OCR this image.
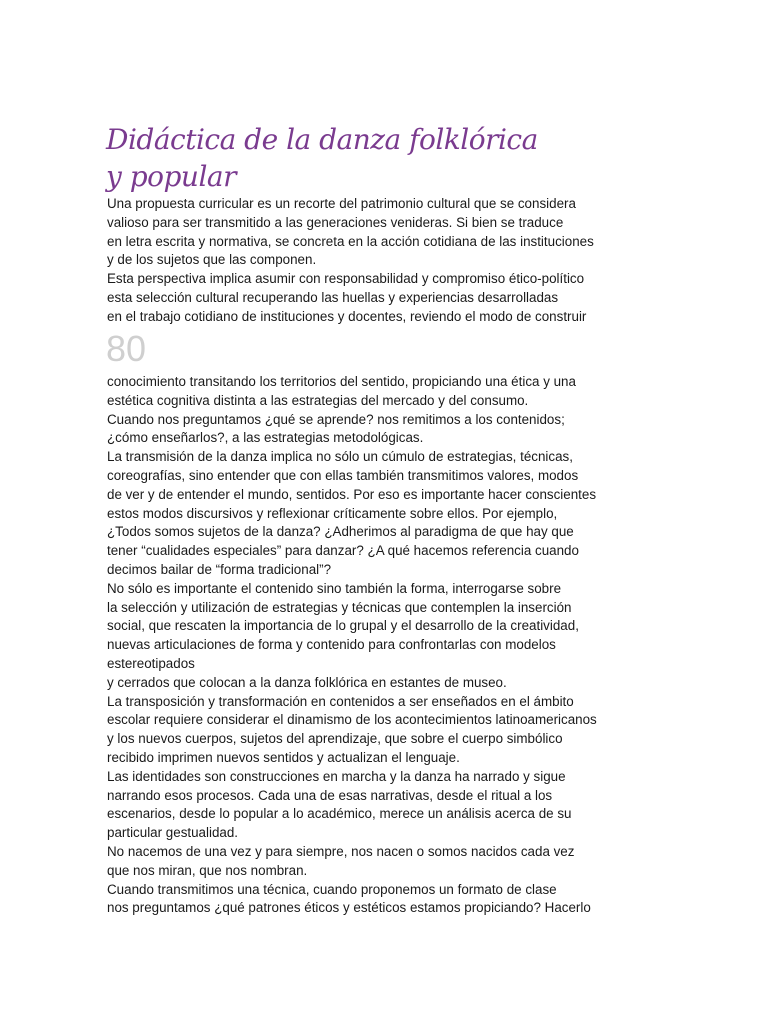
Didáctica de la danza folklórica
y popular
Una propuesta curricular es un recorte del patrimonio cultural que se considera
valioso para ser transmitido a las generaciones venideras. Si bien se traduce
en letra escrita y normativa, se concreta en la acción cotidiana de las instituciones
y de los sujetos que las componen.
Esta perspectiva implica asumir con responsabilidad y compromiso ético-político
esta selección cultural recuperando las huellas y experiencias desarrolladas
en el trabajo cotidiano de instituciones y docentes, reviendo el modo de construir
80
conocimiento transitando los territorios del sentido, propiciando una ética y una
estética cognitiva distinta a las estrategias del mercado y del consumo.
Cuando nos preguntamos ¿qué se aprende? nos remitimos a los contenidos;
¿cómo enseñarlos?, a las estrategias metodológicas.
La transmisión de la danza implica no sólo un cúmulo de estrategias, técnicas,
coreografías, sino entender que con ellas también transmitimos valores, modos
de ver y de entender el mundo, sentidos. Por eso es importante hacer conscientes
estos modos discursivos y reflexionar críticamente sobre ellos. Por ejemplo,
¿Todos somos sujetos de la danza? ¿Adherimos al paradigma de que hay que
tener “cualidades especiales” para danzar? ¿A qué hacemos referencia cuando
decimos bailar de “forma tradicional”?
No sólo es importante el contenido sino también la forma, interrogarse sobre
la selección y utilización de estrategias y técnicas que contemplen la inserción
social, que rescaten la importancia de lo grupal y el desarrollo de la creatividad,
nuevas articulaciones de forma y contenido para confrontarlas con modelos
estereotipados
y cerrados que colocan a la danza folklórica en estantes de museo.
La transposición y transformación en contenidos a ser enseñados en el ámbito
escolar requiere considerar el dinamismo de los acontecimientos latinoamericanos
y los nuevos cuerpos, sujetos del aprendizaje, que sobre el cuerpo simbólico
recibido imprimen nuevos sentidos y actualizan el lenguaje.
Las identidades son construcciones en marcha y la danza ha narrado y sigue
narrando esos procesos. Cada una de esas narrativas, desde el ritual a los
escenarios, desde lo popular a lo académico, merece un análisis acerca de su
particular gestualidad.
No nacemos de una vez y para siempre, nos nacen o somos nacidos cada vez
que nos miran, que nos nombran.
Cuando transmitimos una técnica, cuando proponemos un formato de clase
nos preguntamos ¿qué patrones éticos y estéticos estamos propiciando? Hacerlo
